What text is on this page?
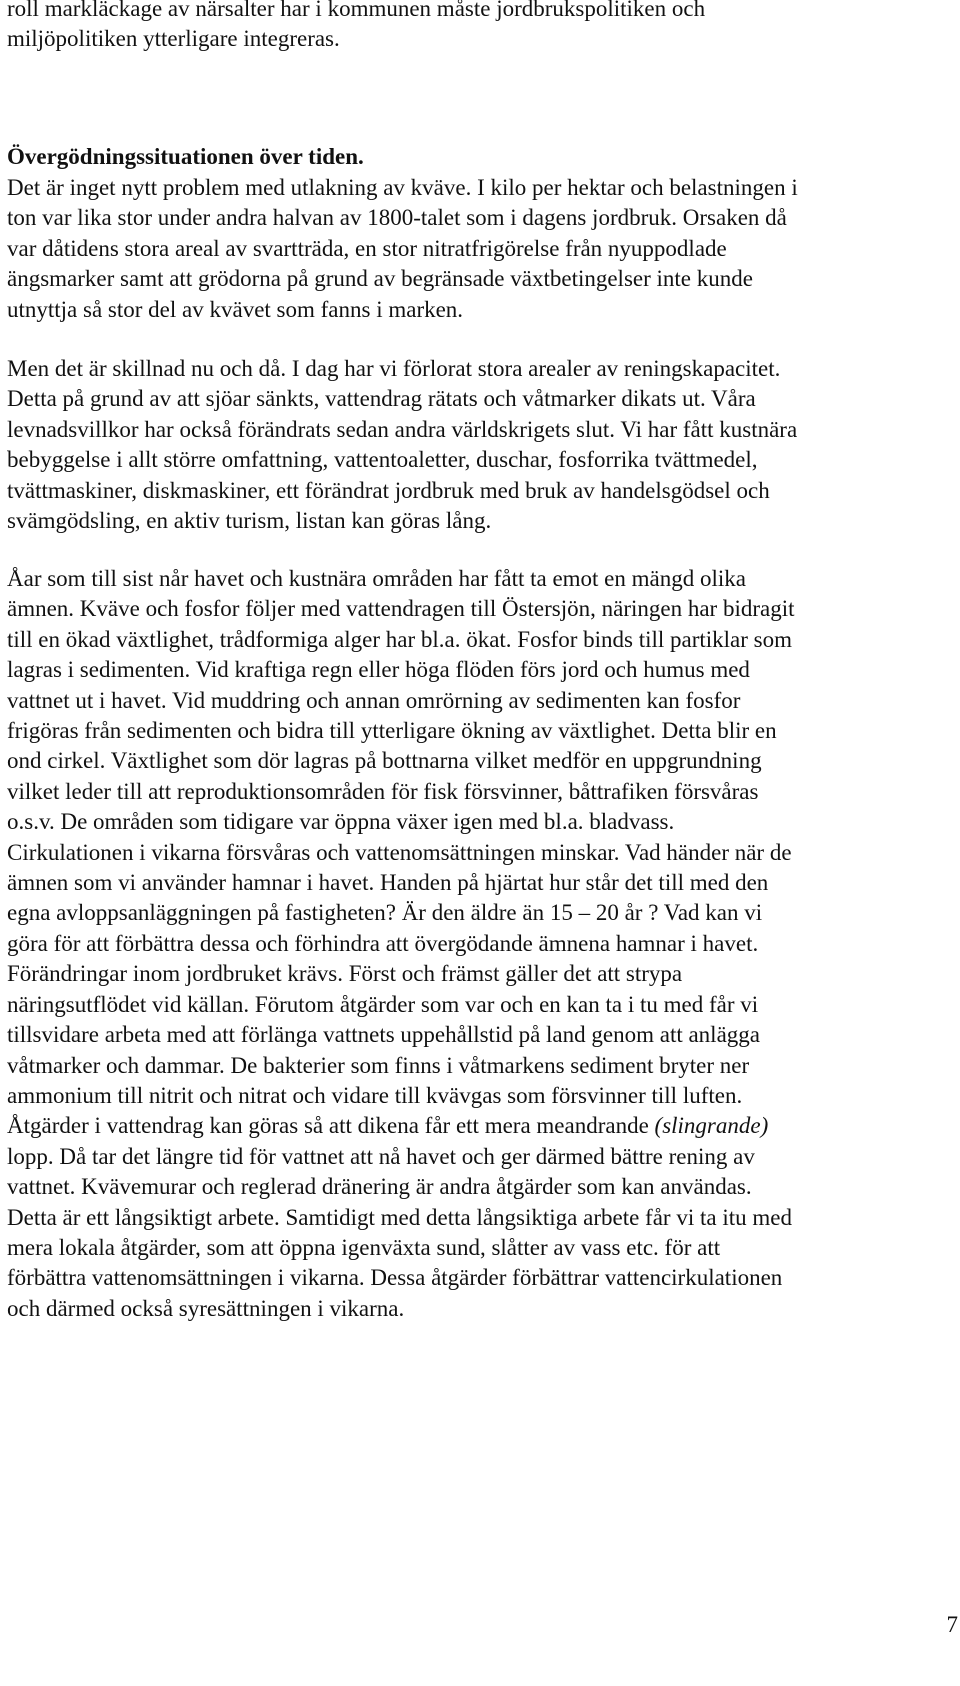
roll markläckage av närsalter har i kommunen måste jordbrukspolitiken och
miljöpolitiken ytterligare integreras.
Övergödningssituationen över tiden.
Det är inget nytt problem med utlakning av kväve. I kilo per hektar och belastningen i
ton var lika stor under andra halvan av 1800-talet som i dagens jordbruk. Orsaken då
var dåtidens stora areal av svartträda, en stor nitratfrigörelse från nyuppodlade
ängsmarker samt att grödorna på grund av begränsade växtbetingelser inte kunde
utnyttja så stor del av kvävet som fanns i marken.
Men det är skillnad nu och då. I dag har vi förlorat stora arealer av reningskapacitet.
Detta på grund av att sjöar sänkts, vattendrag rätats och våtmarker dikats ut. Våra
levnadsvillkor har också förändrats sedan andra världskrigets slut. Vi har fått kustnära
bebyggelse i allt större omfattning, vattentoaletter, duschar, fosforrika tvättmedel,
tvättmaskiner, diskmaskiner, ett förändrat jordbruk med bruk av handelsgödsel och
svämgödsling, en aktiv turism, listan kan göras lång.
Åar som till sist når havet och kustnära områden har fått ta emot en mängd olika
ämnen. Kväve och fosfor följer med vattendragen till Östersjön, näringen har bidragit
till en ökad växtlighet, trådformiga alger har bl.a. ökat. Fosfor binds till partiklar som
lagras i sedimenten. Vid kraftiga regn eller höga flöden förs jord och humus med
vattnet ut i havet. Vid muddring och annan omrörning av sedimenten kan fosfor
frigöras från sedimenten och bidra till ytterligare ökning av växtlighet. Detta blir en
ond cirkel. Växtlighet som dör lagras på bottnarna vilket medför en uppgrundning
vilket leder till att reproduktionsområden för fisk försvinner, båttrafiken försvåras
o.s.v. De områden som tidigare var öppna växer igen med bl.a. bladvass.
Cirkulationen i vikarna försvåras och vattenomsättningen minskar. Vad händer när de
ämnen som vi använder hamnar i havet. Handen på hjärtat hur står det till med den
egna avloppsanläggningen på fastigheten? Är den äldre än 15 – 20 år ? Vad kan vi
göra för att förbättra dessa och förhindra att övergödande ämnena hamnar i havet.
Förändringar inom jordbruket krävs. Först och främst gäller det att strypa
näringsutflödet vid källan. Förutom åtgärder som var och en kan ta i tu med får vi
tillsvidare arbeta med att förlänga vattnets uppehållstid på land genom att anlägga
våtmarker och dammar. De bakterier som finns i våtmarkens sediment bryter ner
ammonium till nitrit och nitrat och vidare till kvävgas som försvinner till luften.
Åtgärder i vattendrag kan göras så att dikena får ett mera meandrande (slingrande)
lopp. Då tar det längre tid för vattnet att nå havet och ger därmed bättre rening av
vattnet. Kvävemurar och reglerad dränering är andra åtgärder som kan användas.
Detta är ett långsiktigt arbete. Samtidigt med detta långsiktiga arbete får vi ta itu med
mera lokala åtgärder, som att öppna igenväxta sund, slåtter av vass etc. för att
förbättra vattenomsättningen i vikarna. Dessa åtgärder förbättrar vattencirkulationen
och därmed också syresättningen i vikarna.
7
